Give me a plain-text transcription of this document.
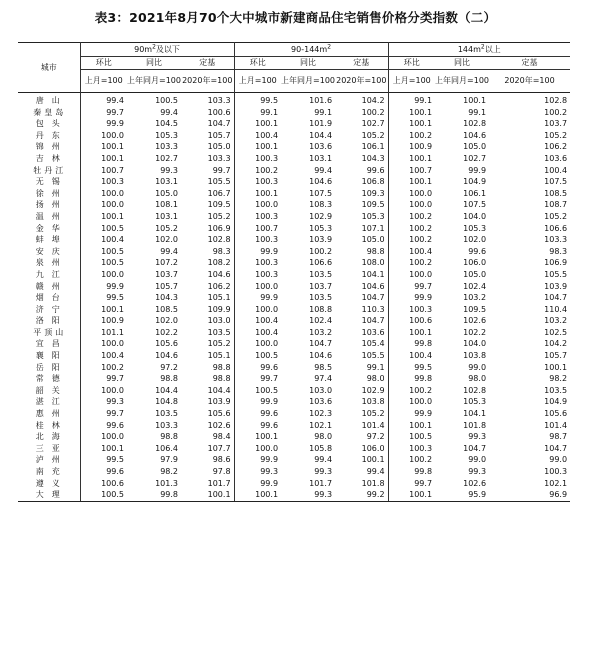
表3：2021年8月70个大中城市新建商品住宅销售价格分类指数（二）
城市	$90m^2$及以下			$90-144m^2$			$144m^2$以上		
	环比	同比	定基	环比	同比	定基	环比	同比	定基
	上月=100	上年同月=100	2020年=100	上月=100	上年同月=100	2020年=100	上月=100	上年同月=100	2020年=100
唐山	99.4	100.5	103.3	99.5	101.6	104.2	99.1	100.1	102.8
秦皇岛	99.7	99.4	100.6	99.1	99.1	100.2	100.1	99.1	100.2
包头	99.9	104.5	104.7	100.1	101.9	102.7	100.1	102.8	103.7
丹东	100.0	105.3	105.7	100.4	104.4	105.2	100.2	104.6	105.2
锦州	100.1	103.3	105.0	100.1	103.6	106.1	100.9	105.0	106.2
吉林	100.1	102.7	103.3	100.3	103.1	104.3	100.1	102.7	103.6
牡丹江	100.7	99.3	99.7	100.2	99.4	99.6	100.7	99.9	100.4
无锡	100.3	103.1	105.5	100.3	104.6	106.8	100.1	104.9	107.5
徐州	100.0	105.0	106.7	100.1	107.5	109.3	100.0	106.1	108.5
扬州	100.0	108.1	109.5	100.0	108.3	109.5	100.0	107.5	108.7
温州	100.1	103.1	105.2	100.3	102.9	105.3	100.2	104.0	105.2
金华	100.5	105.2	106.9	100.7	105.3	107.1	100.2	105.3	106.6
蚌埠	100.4	102.0	102.8	100.3	103.9	105.0	100.2	102.0	103.3
安庆	100.5	99.4	98.3	99.9	100.2	98.8	100.4	99.6	98.3
泉州	100.5	107.2	108.2	100.3	106.6	108.0	100.2	106.0	106.9
九江	100.0	103.7	104.6	100.3	103.5	104.1	100.0	105.0	105.5
赣州	99.9	105.7	106.2	100.0	103.7	104.6	99.7	102.4	103.9
烟台	99.5	104.3	105.1	99.9	103.5	104.7	99.9	103.2	104.7
济宁	100.1	108.5	109.9	100.0	108.8	110.3	100.3	109.5	110.4
洛阳	100.9	102.0	103.0	100.4	102.4	104.7	100.6	102.6	103.2
平顶山	101.1	102.2	103.5	100.4	103.2	103.6	100.1	102.2	102.5
宜昌	100.0	105.6	105.2	100.0	104.7	105.4	99.8	104.0	104.2
襄阳	100.4	104.6	105.1	100.5	104.6	105.5	100.4	103.8	105.7
岳阳	100.2	97.2	98.8	99.6	98.5	99.1	99.5	99.0	100.1
常德	99.7	98.8	98.8	99.7	97.4	98.0	99.8	98.0	98.2
韶关	100.0	104.4	104.4	100.5	103.0	102.9	100.2	102.8	103.5
湛江	99.3	104.8	103.9	99.9	103.6	103.8	100.0	105.3	104.9
惠州	99.7	103.5	105.6	99.6	102.3	105.2	99.9	104.1	105.6
桂林	99.6	103.3	102.6	99.6	102.1	101.4	100.1	101.8	101.4
北海	100.0	98.8	98.4	100.1	98.0	97.2	100.5	99.3	98.7
三亚	100.1	106.4	107.7	100.0	105.8	106.0	100.3	104.7	104.7
泸州	99.5	97.9	98.6	99.9	99.4	100.1	100.2	99.0	99.0
南充	99.6	98.2	97.8	99.3	99.3	99.4	99.8	99.3	100.3
遵义	100.6	101.3	101.7	99.9	101.7	101.8	99.7	102.6	102.1
大理	100.5	99.8	100.1	100.1	99.3	99.2	100.1	95.9	96.9
